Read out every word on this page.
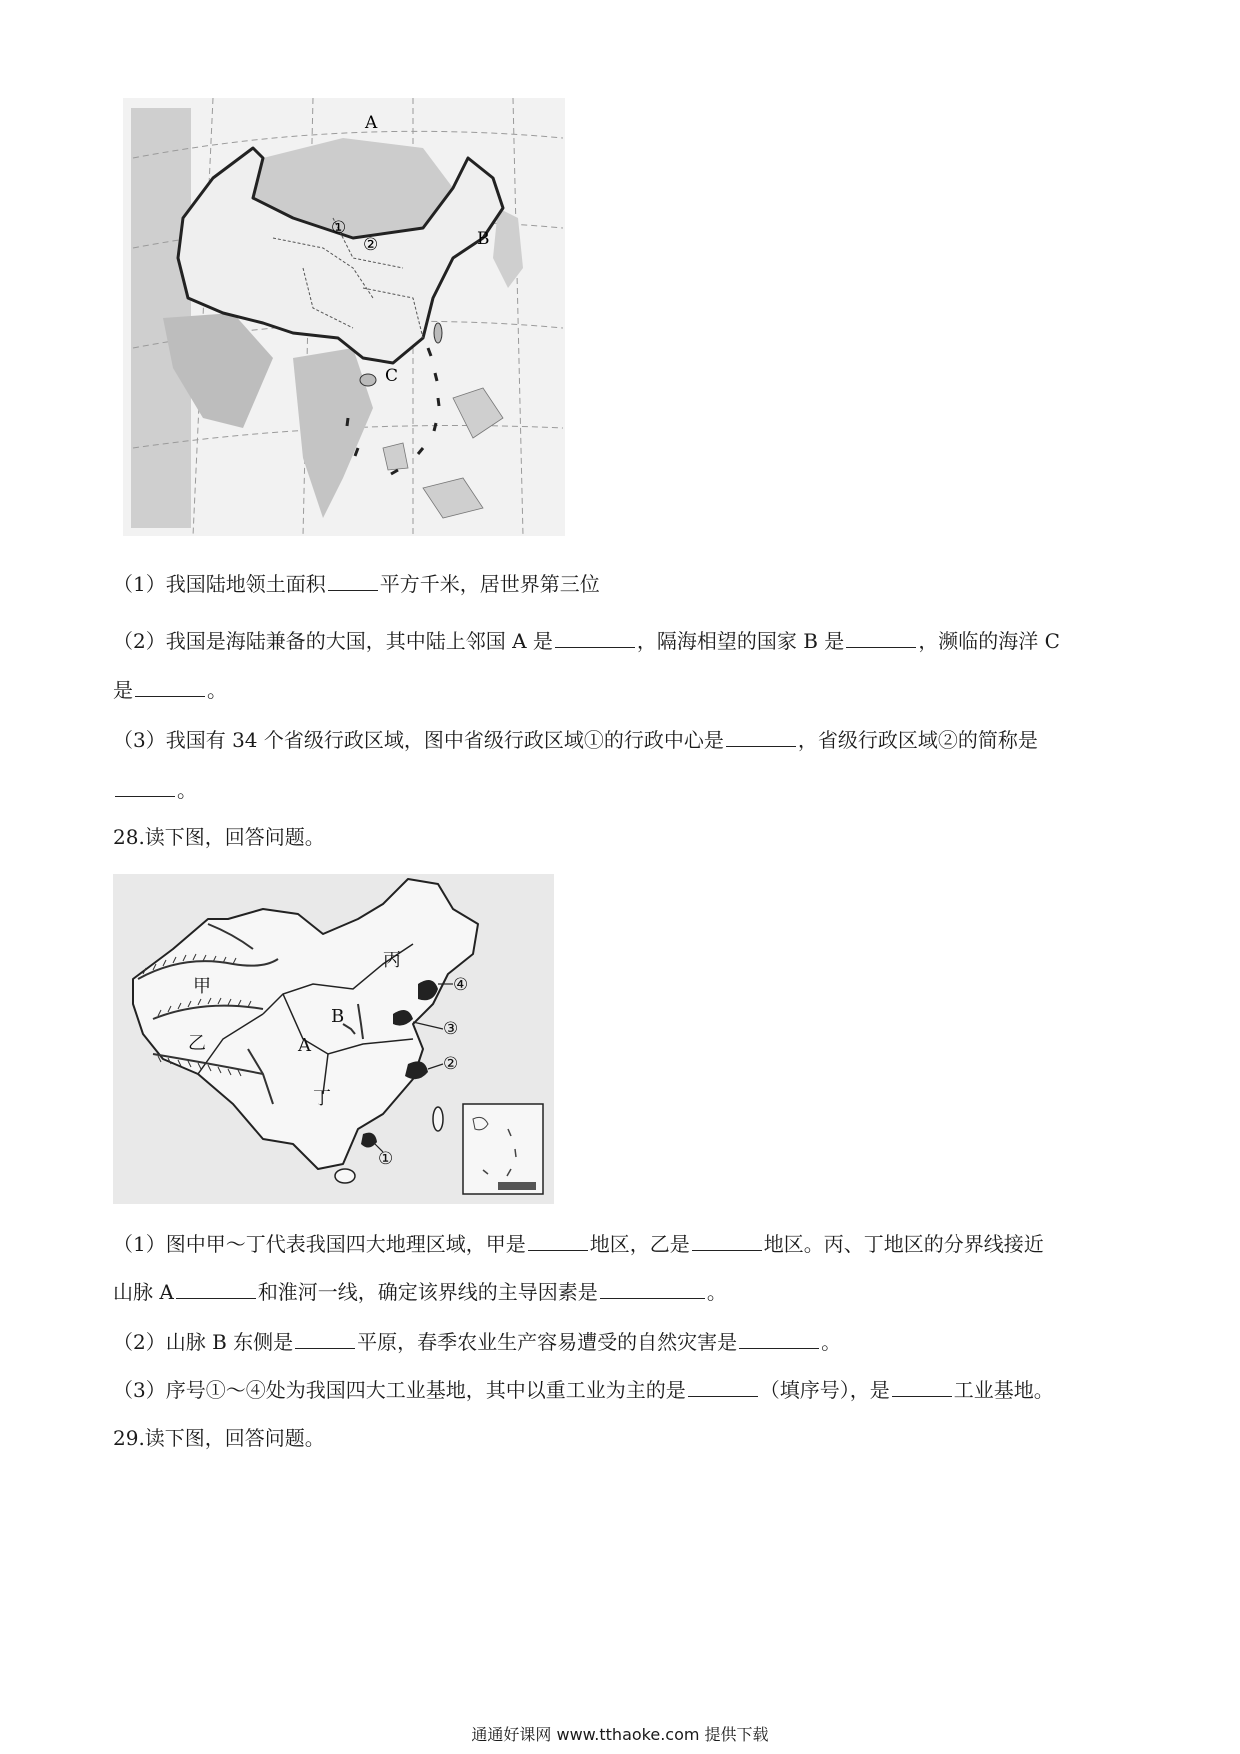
A
B
C
①
②
（1）我国陆地领土面积	平方千米，居世界第三位
（2）我国是海陆兼备的大国，其中陆上邻国 A 是	，隔海相望的国家 B 是	，濒临的海洋 C
是	。
（3）我国有 34 个省级行政区域，图中省级行政区域①的行政中心是	，省级行政区域②的简称是
。
28.读下图，回答问题。
甲
乙
丙
丁
A
B
④
③
②
①
（1）图中甲～丁代表我国四大地理区域，甲是	地区，乙是	地区。丙、丁地区的分界线接近
山脉 A	和淮河一线，确定该界线的主导因素是	。
（2）山脉 B 东侧是	平原，春季农业生产容易遭受的自然灾害是	。
（3）序号①～④处为我国四大工业基地，其中以重工业为主的是	（填序号），是	工业基地。
29.读下图，回答问题。
通通好课网 www.tthaoke.com 提供下载
